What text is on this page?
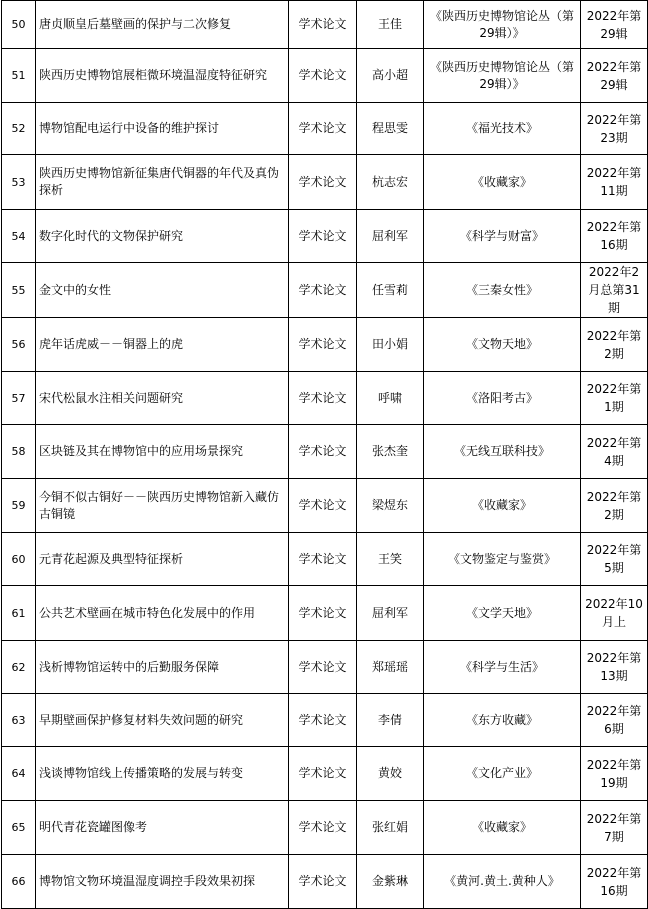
50	唐贞顺皇后墓壁画的保护与二次修复	学术论文	王佳	《陕西历史博物馆论丛（第29辑）》	2022年第29辑
51	陕西历史博物馆展柜微环境温湿度特征研究	学术论文	高小超	《陕西历史博物馆论丛（第29辑）》	2022年第29辑
52	博物馆配电运行中设备的维护探讨	学术论文	程思雯	《福光技术》	2022年第23期
53	陕西历史博物馆新征集唐代铜器的年代及真伪探析	学术论文	杭志宏	《收藏家》	2022年第11期
54	数字化时代的文物保护研究	学术论文	屈利军	《科学与财富》	2022年第16期
55	金文中的女性	学术论文	任雪莉	《三秦女性》	2022年2月总第31期
56	虎年话虎威－－铜器上的虎	学术论文	田小娟	《文物天地》	2022年第2期
57	宋代松鼠水注相关问题研究	学术论文	呼啸	《洛阳考古》	2022年第1期
58	区块链及其在博物馆中的应用场景探究	学术论文	张杰奎	《无线互联科技》	2022年第4期
59	今铜不似古铜好－－陕西历史博物馆新入藏仿古铜镜	学术论文	梁煜东	《收藏家》	2022年第2期
60	元青花起源及典型特征探析	学术论文	王笑	《文物鉴定与鉴赏》	2022年第5期
61	公共艺术壁画在城市特色化发展中的作用	学术论文	屈利军	《文学天地》	2022年10月上
62	浅析博物馆运转中的后勤服务保障	学术论文	郑瑶瑶	《科学与生活》	2022年第13期
63	早期壁画保护修复材料失效问题的研究	学术论文	李倩	《东方收藏》	2022年第6期
64	浅谈博物馆线上传播策略的发展与转变	学术论文	黄姣	《文化产业》	2022年第19期
65	明代青花瓷罐图像考	学术论文	张红娟	《收藏家》	2022年第7期
66	博物馆文物环境温湿度调控手段效果初探	学术论文	金紫琳	《黄河.黄土.黄种人》	2022年第16期
